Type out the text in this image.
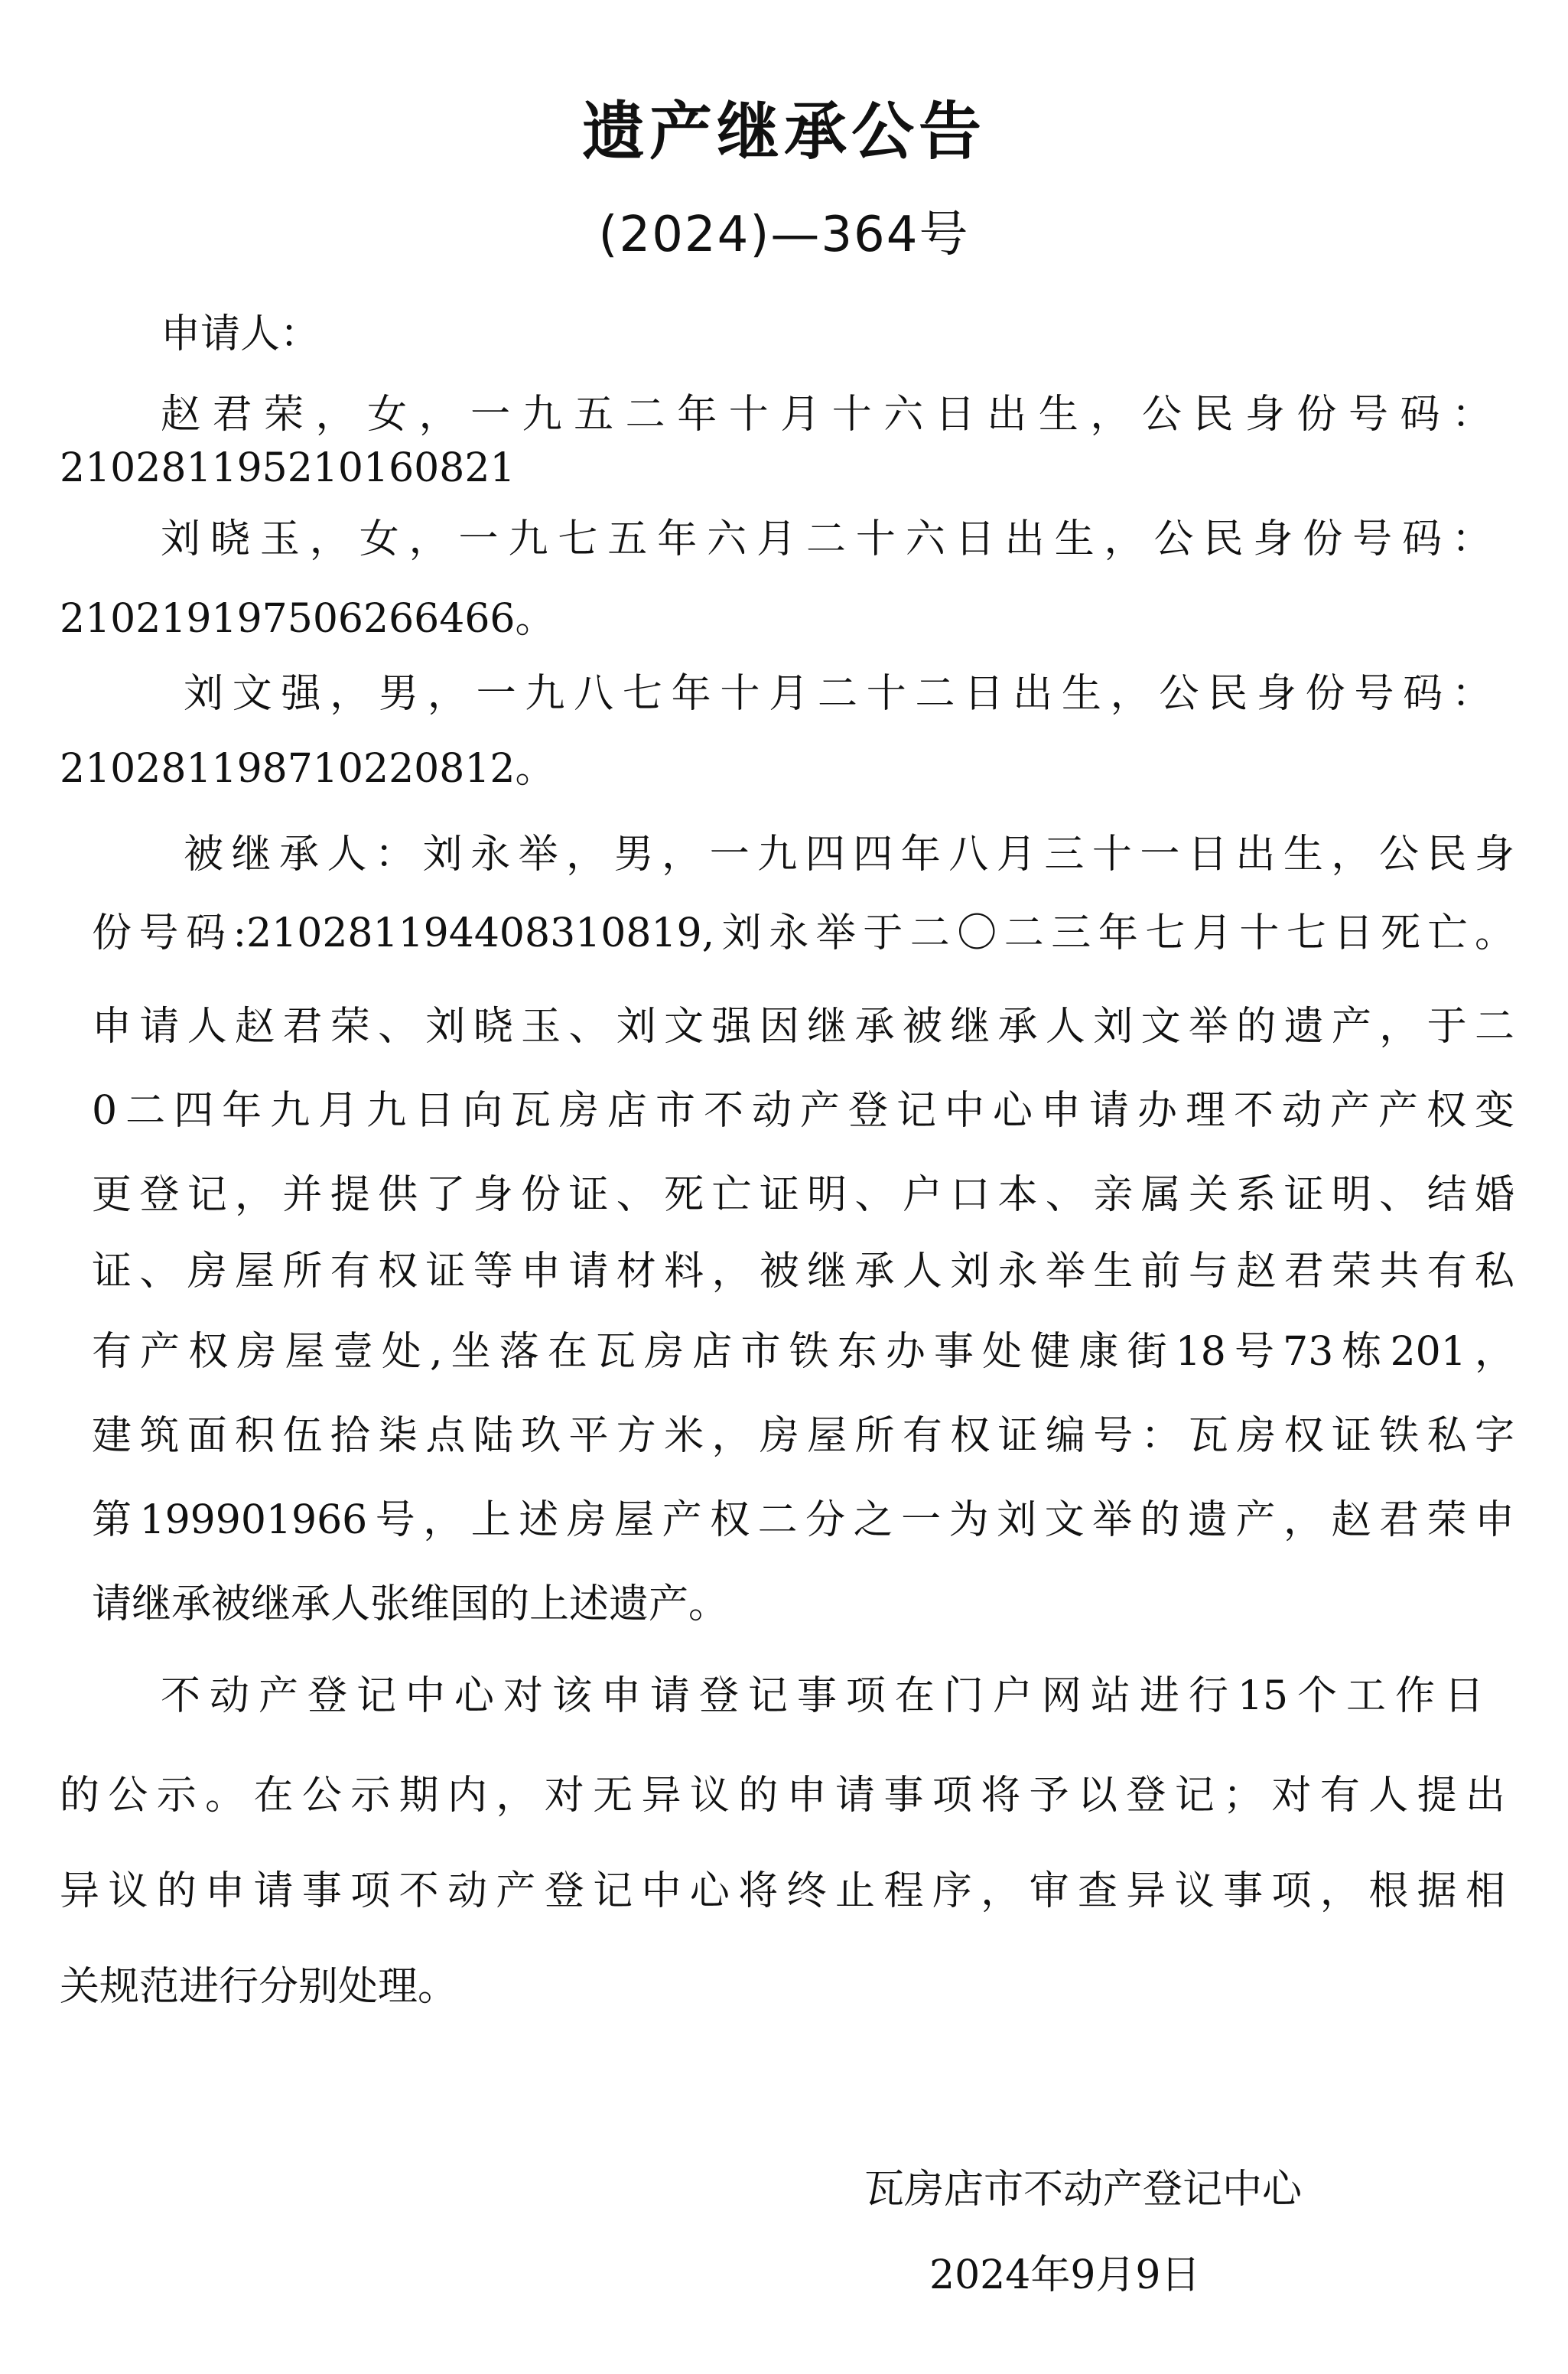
遗产继承公告
(2024)—364号
申请人：
赵君荣，女，一九五二年十月十六日出生，公民身份号码：
210281195210160821
刘晓玉，女，一九七五年六月二十六日出生，公民身份号码：
210219197506266466。
刘文强，男，一九八七年十月二十二日出生，公民身份号码：
210281198710220812。
被继承人：刘永举，男，一九四四年八月三十一日出生，公民身
份号码:210281194408310819,刘永举于二〇二三年七月十七日死亡。
申请人赵君荣、刘晓玉、刘文强因继承被继承人刘文举的遗产，于二
0二四年九月九日向瓦房店市不动产登记中心申请办理不动产产权变
更登记，并提供了身份证、死亡证明、户口本、亲属关系证明、结婚
证、房屋所有权证等申请材料，被继承人刘永举生前与赵君荣共有私
有产权房屋壹处,坐落在瓦房店市铁东办事处健康街18号73栋201，
建筑面积伍拾柒点陆玖平方米，房屋所有权证编号：瓦房权证铁私字
第199901966号，上述房屋产权二分之一为刘文举的遗产，赵君荣申
请继承被继承人张维国的上述遗产。
不动产登记中心对该申请登记事项在门户网站进行15个工作日
的公示。在公示期内，对无异议的申请事项将予以登记；对有人提出
异议的申请事项不动产登记中心将终止程序，审查异议事项，根据相
关规范进行分别处理。
瓦房店市不动产登记中心
2024年9月9日
